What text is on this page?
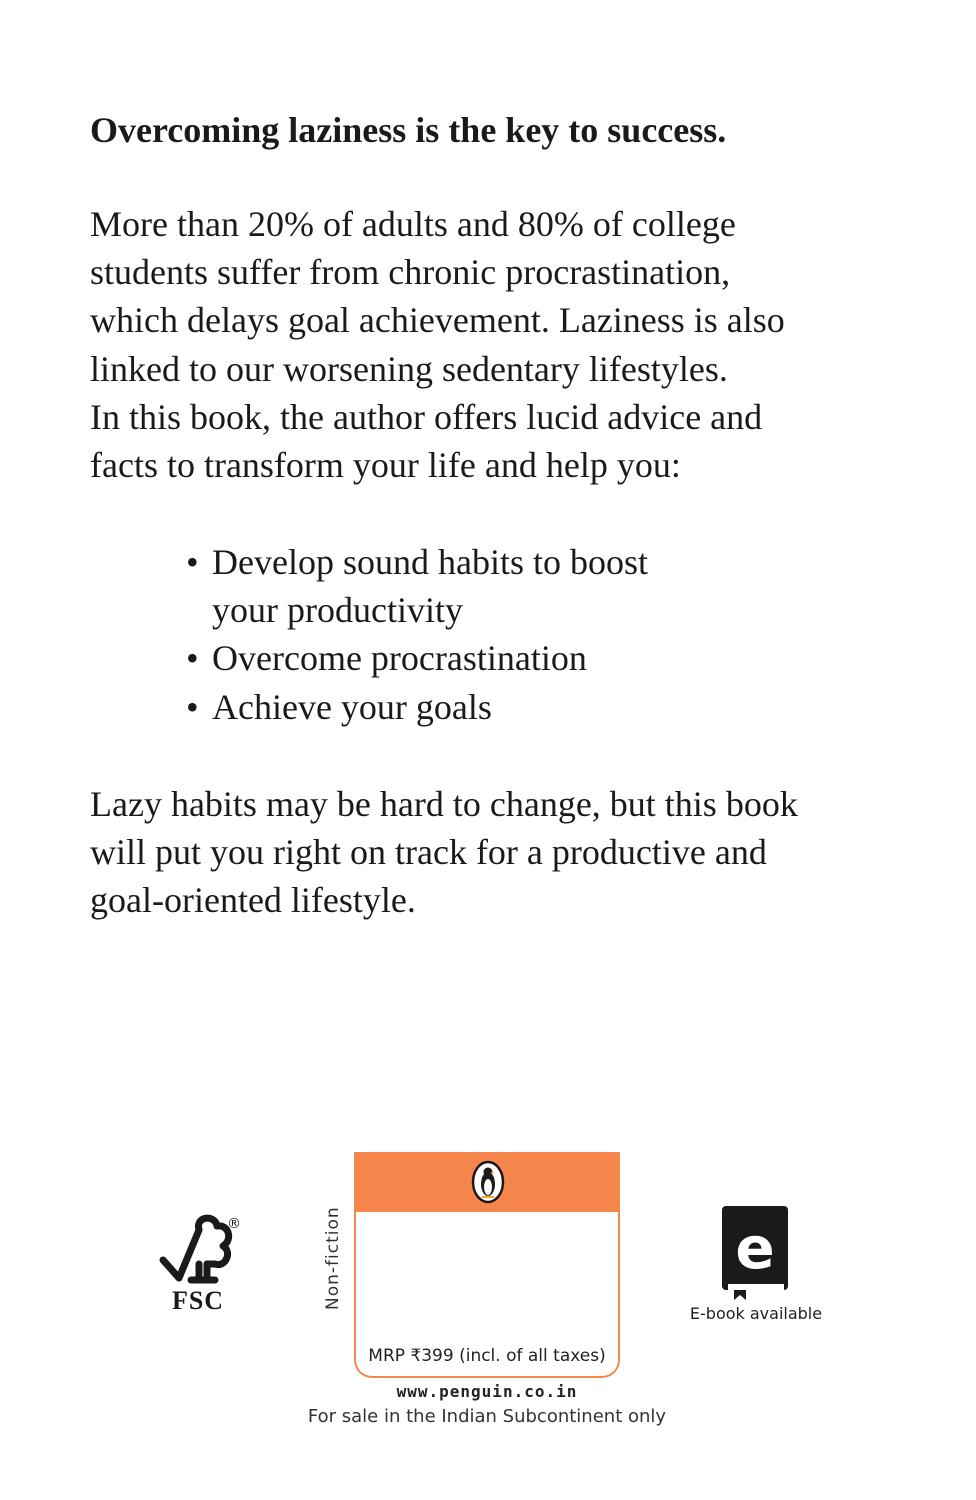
Overcoming laziness is the key to success.
More than 20% of adults and 80% of college
students suffer from chronic procrastination,
which delays goal achievement. Laziness is also
linked to our worsening sedentary lifestyles.
In this book, the author offers lucid advice and
facts to transform your life and help you:
• Develop sound habits to boost
your productivity
• Overcome procrastination
• Achieve your goals
Lazy habits may be hard to change, but this book
will put you right on track for a productive and
goal-oriented lifestyle.
®
FSC	Non-fiction
MRP ₹399 (incl. of all taxes)
www.penguin.co.in
For sale in the Indian Subcontinent only
e
E-book available
